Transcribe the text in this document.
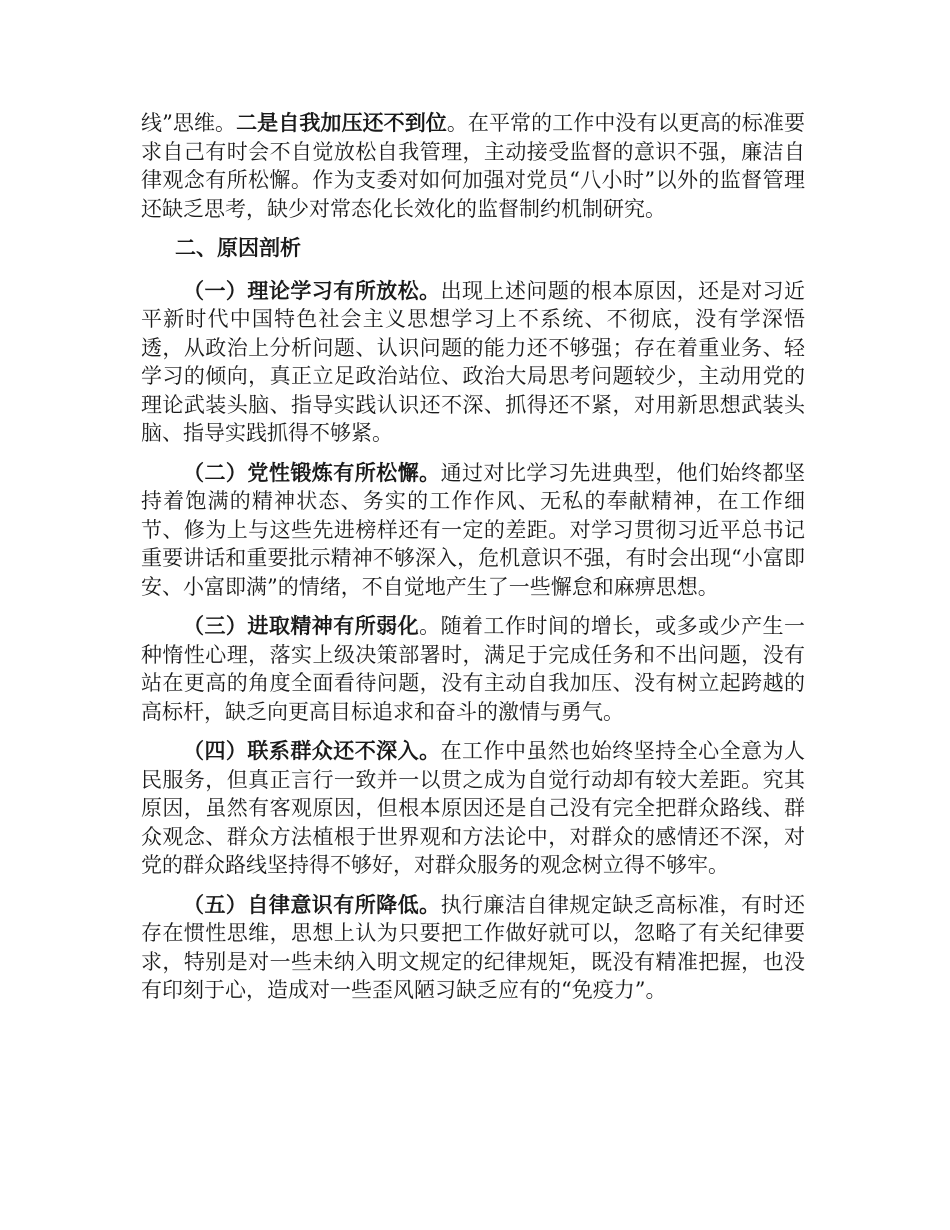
线”思维。二是自我加压还不到位。在平常的工作中没有以更高的标准要求自己有时会不自觉放松自我管理，主动接受监督的意识不强，廉洁自律观念有所松懈。作为支委对如何加强对党员“八小时”以外的监督管理还缺乏思考，缺少对常态化长效化的监督制约机制研究。

二、原因剖析

（一）理论学习有所放松。出现上述问题的根本原因，还是对习近平新时代中国特色社会主义思想学习上不系统、不彻底，没有学深悟透，从政治上分析问题、认识问题的能力还不够强；存在着重业务、轻学习的倾向，真正立足政治站位、政治大局思考问题较少，主动用党的理论武装头脑、指导实践认识还不深、抓得还不紧，对用新思想武装头脑、指导实践抓得不够紧。

（二）党性锻炼有所松懈。通过对比学习先进典型，他们始终都坚持着饱满的精神状态、务实的工作作风、无私的奉献精神，在工作细节、修为上与这些先进榜样还有一定的差距。对学习贯彻习近平总书记重要讲话和重要批示精神不够深入，危机意识不强，有时会出现“小富即安、小富即满”的情绪，不自觉地产生了一些懈怠和麻痹思想。

（三）进取精神有所弱化。随着工作时间的增长，或多或少产生一种惰性心理，落实上级决策部署时，满足于完成任务和不出问题，没有站在更高的角度全面看待问题，没有主动自我加压、没有树立起跨越的高标杆，缺乏向更高目标追求和奋斗的激情与勇气。

（四）联系群众还不深入。在工作中虽然也始终坚持全心全意为人民服务，但真正言行一致并一以贯之成为自觉行动却有较大差距。究其原因，虽然有客观原因，但根本原因还是自己没有完全把群众路线、群众观念、群众方法植根于世界观和方法论中，对群众的感情还不深，对党的群众路线坚持得不够好，对群众服务的观念树立得不够牢。

（五）自律意识有所降低。执行廉洁自律规定缺乏高标准，有时还存在惯性思维，思想上认为只要把工作做好就可以，忽略了有关纪律要求，特别是对一些未纳入明文规定的纪律规矩，既没有精准把握，也没有印刻于心，造成对一些歪风陋习缺乏应有的“免疫力”。
